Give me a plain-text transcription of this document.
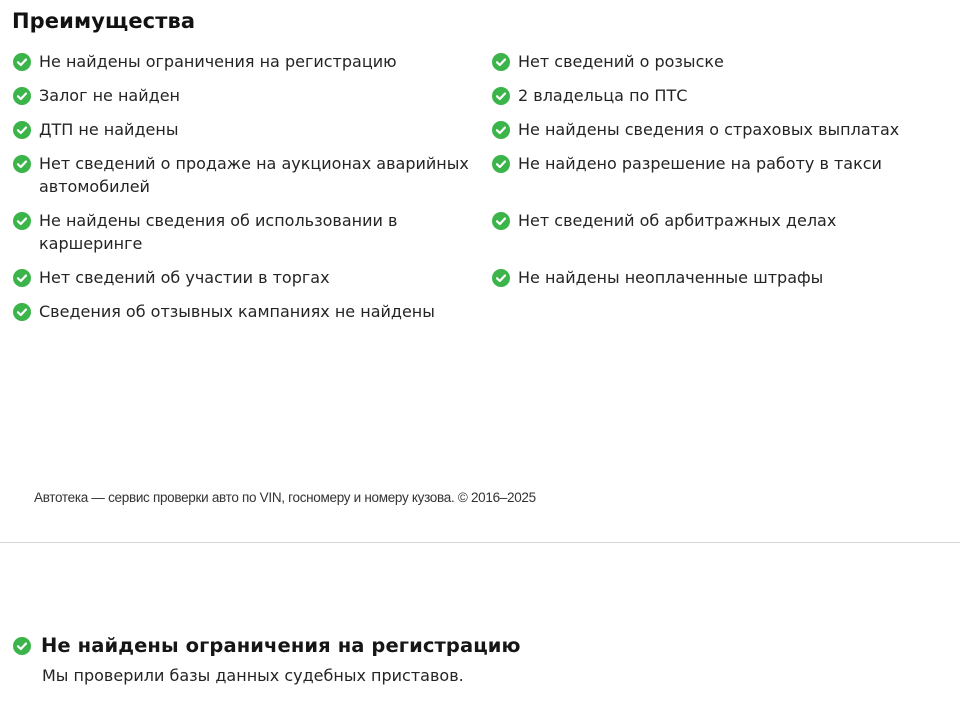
Преимущества
Не найдены ограничения на регистрацию
Залог не найден
ДТП не найдены
Нет сведений о продаже на аукционах аварийных автомобилей
Не найдены сведения об использовании в каршеринге
Нет сведений об участии в торгах
Сведения об отзывных кампаниях не найдены
Нет сведений о розыске
2 владельца по ПТС
Не найдены сведения о страховых выплатах
Не найдено разрешение на работу в такси
Нет сведений об арбитражных делах
Не найдены неоплаченные штрафы
Автотека — сервис проверки авто по VIN, госномеру и номеру кузова. © 2016–2025
Не найдены ограничения на регистрацию
Мы проверили базы данных судебных приставов.
